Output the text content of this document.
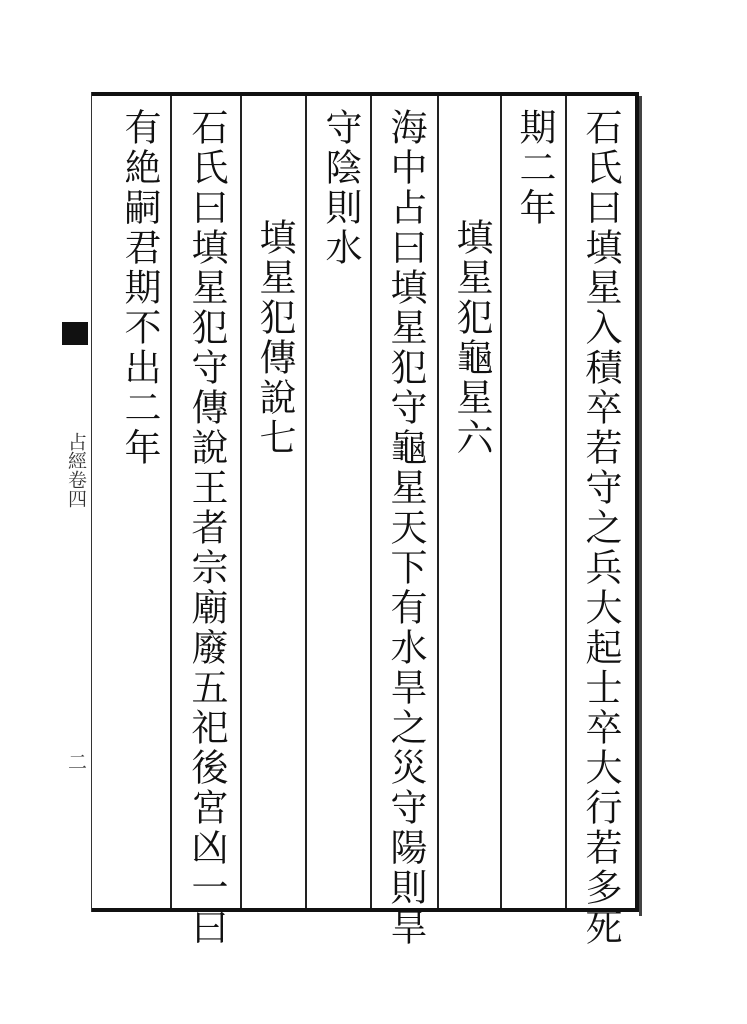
占經卷四
二	石氏曰填星入積卒若守之兵大起士卒大行若多死
期二年
填星犯龜星六
海中占曰填星犯守龜星天下有水旱之災守陽則旱
守陰則水
填星犯傳說七
石氏曰填星犯守傳說王者宗廟廢五祀後宮凶一曰
有絶嗣君期不出二年
